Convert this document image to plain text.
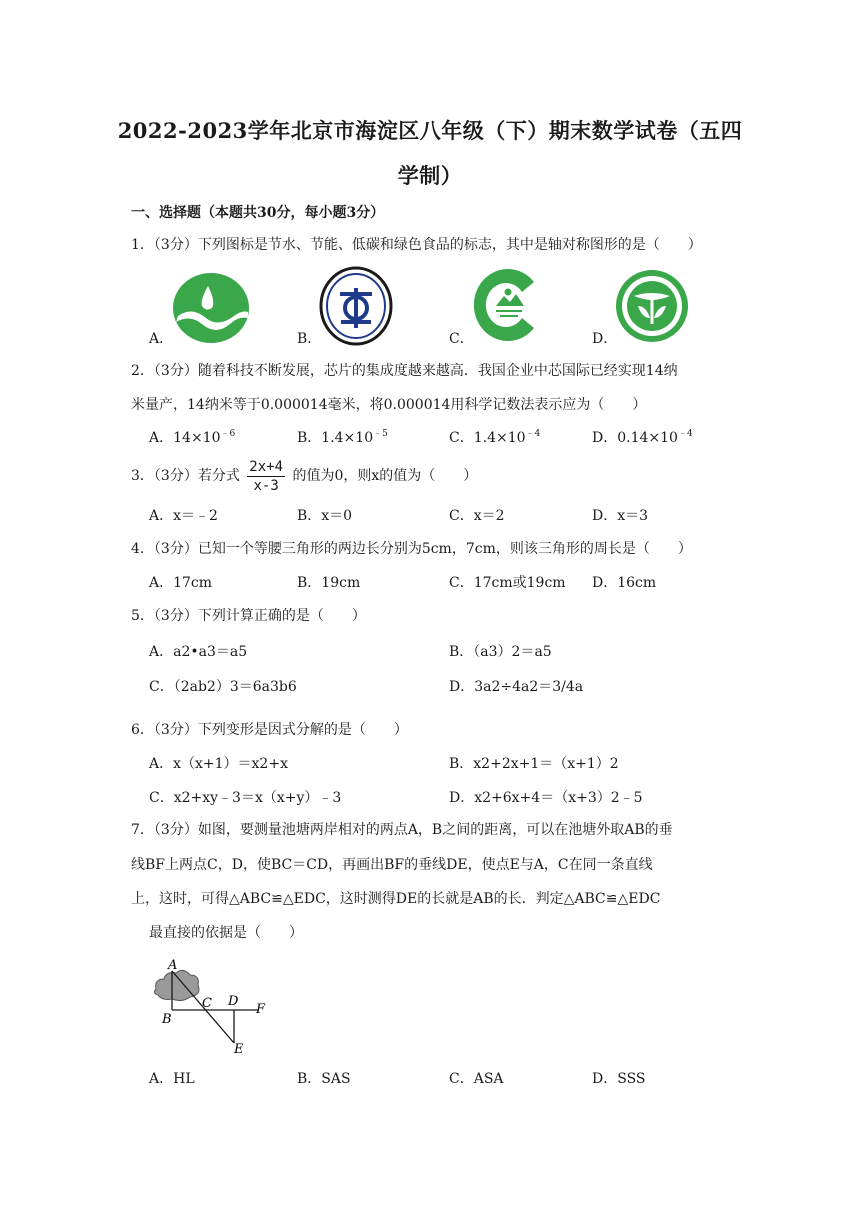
2022-2023学年北京市海淀区八年级（下）期末数学试卷（五四
学制）
一、选择题（本题共30分，每小题3分）
1．（3分）下列图标是节水、节能、低碳和绿色食品的标志，其中是轴对称图形的是（　　）
A．	B．	C．	D．
2．（3分）随着科技不断发展，芯片的集成度越来越高．我国企业中芯国际已经实现14纳
米量产，14纳米等于0.000014毫米，将0.000014用科学记数法表示应为（　　）
A．$14\times 10^{﹣6}$	B．$1.4\times 10^{﹣5}$	C．$1.4\times 10^{﹣4}$	D．$0.14\times 10^{﹣4}$
3．（3分）若分式 $\frac{2x+4}{x-3}$ 的值为0，则x的值为（　　）
A．x＝﹣2	B．x＝0	C．x＝2	D．x＝3
4．（3分）已知一个等腰三角形的两边长分别为5cm，7cm，则该三角形的周长是（　　）
A．17cm	B．19cm	C．17cm或19cm D．16cm
5．（3分）下列计算正确的是（　　）
A．a2•a3＝a5	B．（a3）2＝a5
C．（2ab2）3＝6a3b6	D．3a2÷4a2＝3/4a
6．（3分）下列变形是因式分解的是（　　）
A．x（x+1）＝x2+x	B．x2+2x+1＝（x+1）2
C．x2+xy﹣3＝x（x+y）﹣3	D．x2+6x+4＝（x+3）2﹣5
7．（3分）如图，要测量池塘两岸相对的两点A，B之间的距离，可以在池塘外取AB的垂
线BF上两点C，D，使BC＝CD，再画出BF的垂线DE，使点E与A，C在同一条直线
上，这时，可得△ABC≌△EDC，这时测得DE的长就是AB的长．判定△ABC≌△EDC
最直接的依据是（　　）
A
B
C D
F
E
A．HL	B．SAS	C．ASA	D．SSS
